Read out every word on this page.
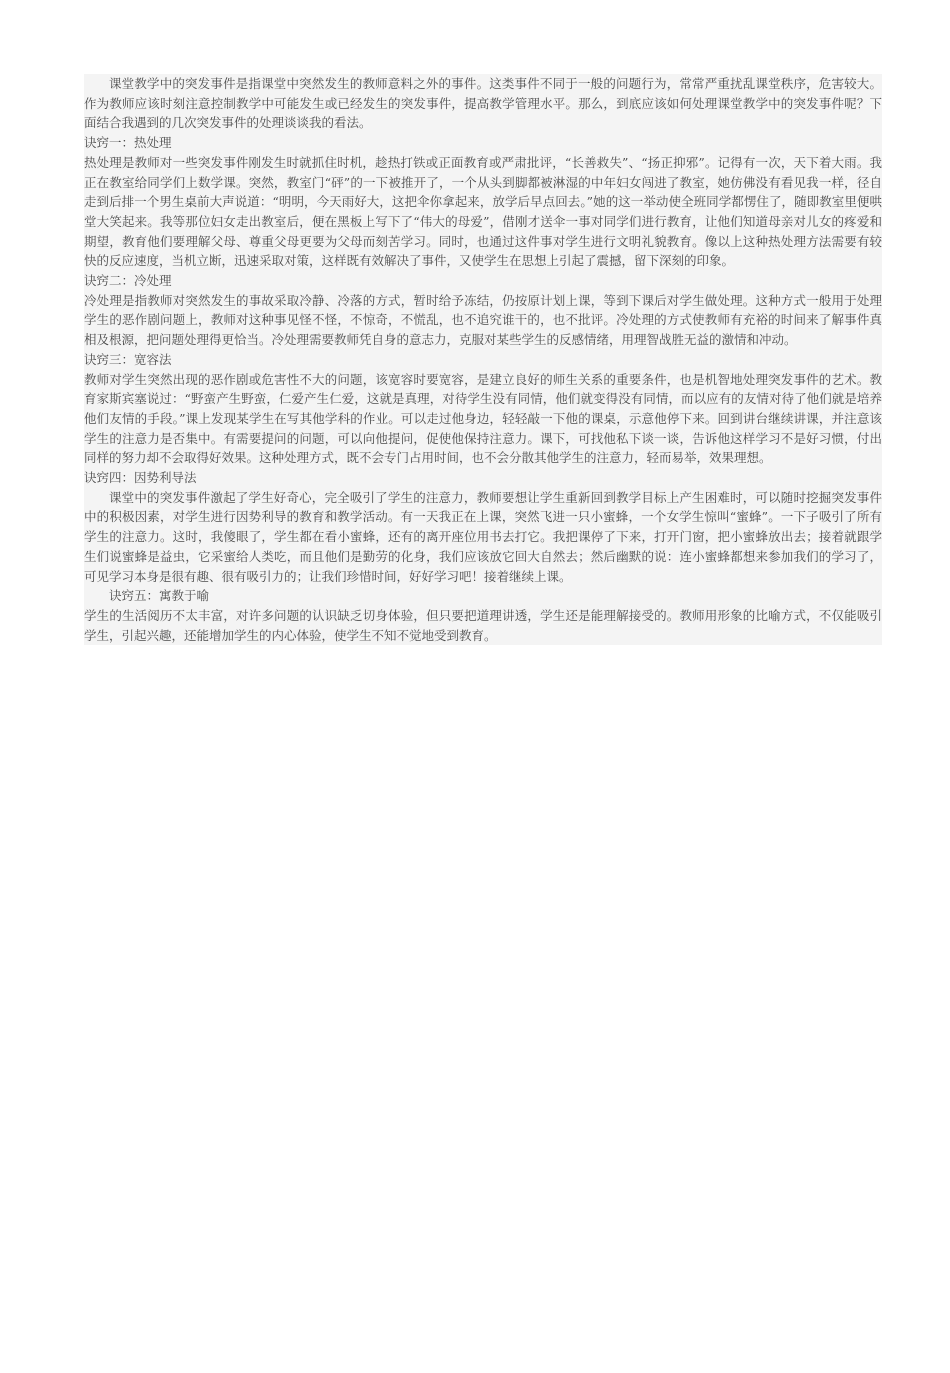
课堂教学中的突发事件是指课堂中突然发生的教师意料之外的事件。这类事件不同于一般的问题行为，常常严重扰乱课堂秩序，危害较大。作为教师应该时刻注意控制教学中可能发生或已经发生的突发事件，提高教学管理水平。那么，到底应该如何处理课堂教学中的突发事件呢？下面结合我遇到的几次突发事件的处理谈谈我的看法。

诀窍一：热处理

热处理是教师对一些突发事件刚发生时就抓住时机，趁热打铁或正面教育或严肃批评，“长善救失”、“扬正抑邪”。记得有一次，天下着大雨。我正在教室给同学们上数学课。突然，教室门“砰”的一下被推开了，一个从头到脚都被淋湿的中年妇女闯进了教室，她仿佛没有看见我一样，径自走到后排一个男生桌前大声说道：“明明，今天雨好大，这把伞你拿起来，放学后早点回去。”她的这一举动使全班同学都愣住了，随即教室里便哄堂大笑起来。我等那位妇女走出教室后，便在黑板上写下了“伟大的母爱”，借刚才送伞一事对同学们进行教育，让他们知道母亲对儿女的疼爱和期望，教育他们要理解父母、尊重父母更要为父母而刻苦学习。同时，也通过这件事对学生进行文明礼貌教育。像以上这种热处理方法需要有较快的反应速度，当机立断，迅速采取对策，这样既有效解决了事件，又使学生在思想上引起了震撼，留下深刻的印象。

诀窍二：冷处理

冷处理是指教师对突然发生的事故采取冷静、冷落的方式，暂时给予冻结，仍按原计划上课，等到下课后对学生做处理。这种方式一般用于处理学生的恶作剧问题上，教师对这种事见怪不怪，不惊奇，不慌乱，也不追究谁干的，也不批评。冷处理的方式使教师有充裕的时间来了解事件真相及根源，把问题处理得更恰当。冷处理需要教师凭自身的意志力，克服对某些学生的反感情绪，用理智战胜无益的激情和冲动。

诀窍三：宽容法

教师对学生突然出现的恶作剧或危害性不大的问题，该宽容时要宽容，是建立良好的师生关系的重要条件，也是机智地处理突发事件的艺术。教育家斯宾塞说过：“野蛮产生野蛮，仁爱产生仁爱，这就是真理，对待学生没有同情，他们就变得没有同情，而以应有的友情对待了他们就是培养他们友情的手段。”课上发现某学生在写其他学科的作业。可以走过他身边，轻轻敲一下他的课桌，示意他停下来。回到讲台继续讲课，并注意该学生的注意力是否集中。有需要提问的问题，可以向他提问，促使他保持注意力。课下，可找他私下谈一谈，告诉他这样学习不是好习惯，付出同样的努力却不会取得好效果。这种处理方式，既不会专门占用时间，也不会分散其他学生的注意力，轻而易举，效果理想。

诀窍四：因势利导法

课堂中的突发事件激起了学生好奇心，完全吸引了学生的注意力，教师要想让学生重新回到教学目标上产生困难时，可以随时挖掘突发事件中的积极因素，对学生进行因势利导的教育和教学活动。有一天我正在上课，突然飞进一只小蜜蜂，一个女学生惊叫“蜜蜂”。一下子吸引了所有学生的注意力。这时，我傻眼了，学生都在看小蜜蜂，还有的离开座位用书去打它。我把课停了下来，打开门窗，把小蜜蜂放出去；接着就跟学生们说蜜蜂是益虫，它采蜜给人类吃，而且他们是勤劳的化身，我们应该放它回大自然去；然后幽默的说：连小蜜蜂都想来参加我们的学习了，可见学习本身是很有趣、很有吸引力的；让我们珍惜时间，好好学习吧！接着继续上课。

诀窍五：寓教于喻

学生的生活阅历不太丰富，对许多问题的认识缺乏切身体验，但只要把道理讲透，学生还是能理解接受的。教师用形象的比喻方式，不仅能吸引学生，引起兴趣，还能增加学生的内心体验，使学生不知不觉地受到教育。
